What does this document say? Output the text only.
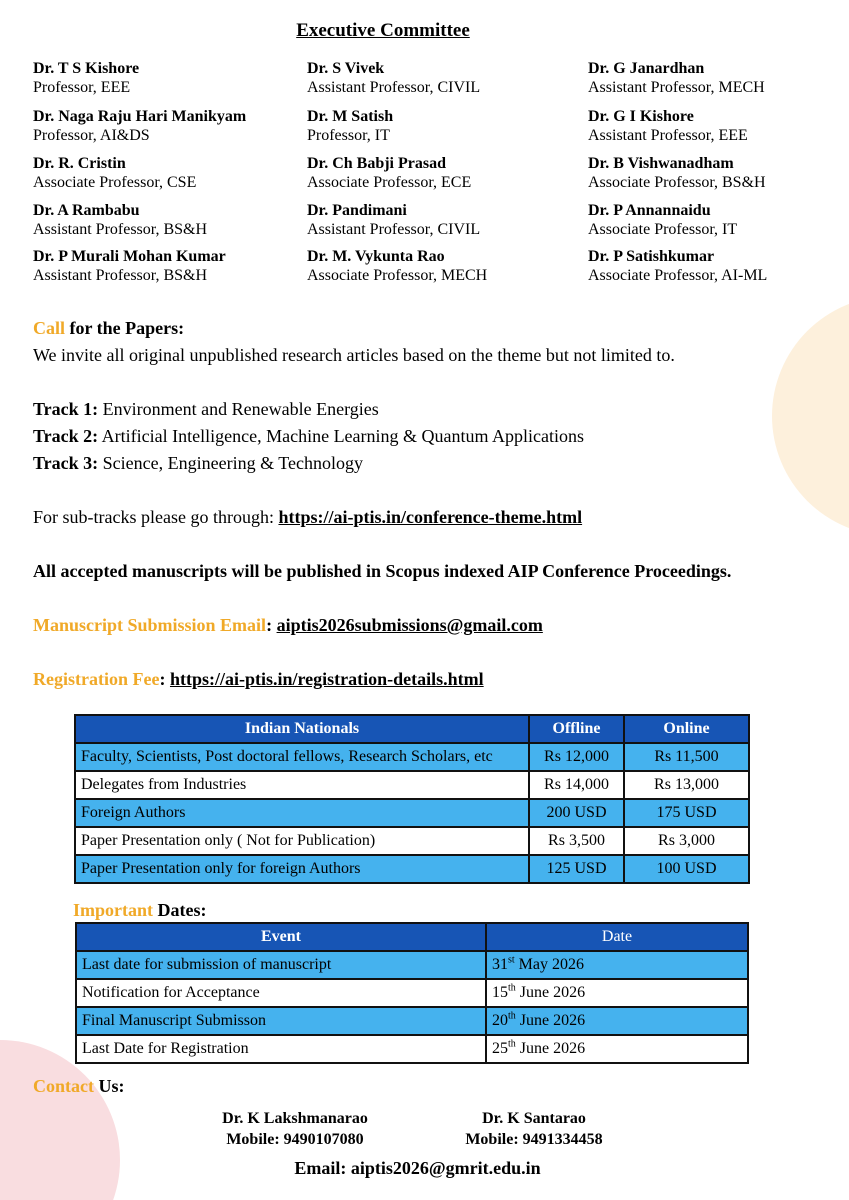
Executive Committee
Dr. T S Kishore
Professor, EEE
Dr. Naga Raju Hari Manikyam
Professor, AI&DS
Dr. R. Cristin
Associate Professor, CSE
Dr. A Rambabu
Assistant Professor, BS&H
Dr. P Murali Mohan Kumar
Assistant Professor, BS&H
Dr. S Vivek
Assistant Professor, CIVIL
Dr. M Satish
Professor, IT
Dr. Ch Babji Prasad
Associate Professor, ECE
Dr. Pandimani
Assistant Professor, CIVIL
Dr. M. Vykunta Rao
Associate Professor, MECH
Dr. G Janardhan
Assistant Professor, MECH
Dr. G I Kishore
Assistant Professor, EEE
Dr. B Vishwanadham
Associate Professor, BS&H
Dr. P Annannaidu
Associate Professor, IT
Dr. P Satishkumar
Associate Professor, AI-ML
Call for the Papers:
We invite all original unpublished research articles based on the theme but not limited to.
Track 1: Environment and Renewable Energies
Track 2: Artificial Intelligence, Machine Learning & Quantum Applications
Track 3: Science, Engineering & Technology
For sub-tracks please go through: https://ai-ptis.in/conference-theme.html
All accepted manuscripts will be published in Scopus indexed AIP Conference Proceedings.
Manuscript Submission Email: aiptis2026submissions@gmail.com
Registration Fee: https://ai-ptis.in/registration-details.html
Indian Nationals	Offline	Online
Faculty, Scientists, Post doctoral fellows, Research Scholars, etc	Rs 12,000	Rs 11,500
Delegates from Industries	Rs 14,000	Rs 13,000
Foreign Authors	200 USD	175 USD
Paper Presentation only ( Not for Publication)	Rs 3,500	Rs 3,000
Paper Presentation only for foreign Authors	125 USD	100 USD
Important Dates:
Event	Date
Last date for submission of manuscript	31st May 2026
Notification for Acceptance	15th June 2026
Final Manuscript Submisson	20th June 2026
Last Date for Registration	25th June 2026
Contact Us:
Dr. K Lakshmanarao
Mobile: 9490107080
Dr. K Santarao
Mobile: 9491334458
Email: aiptis2026@gmrit.edu.in
